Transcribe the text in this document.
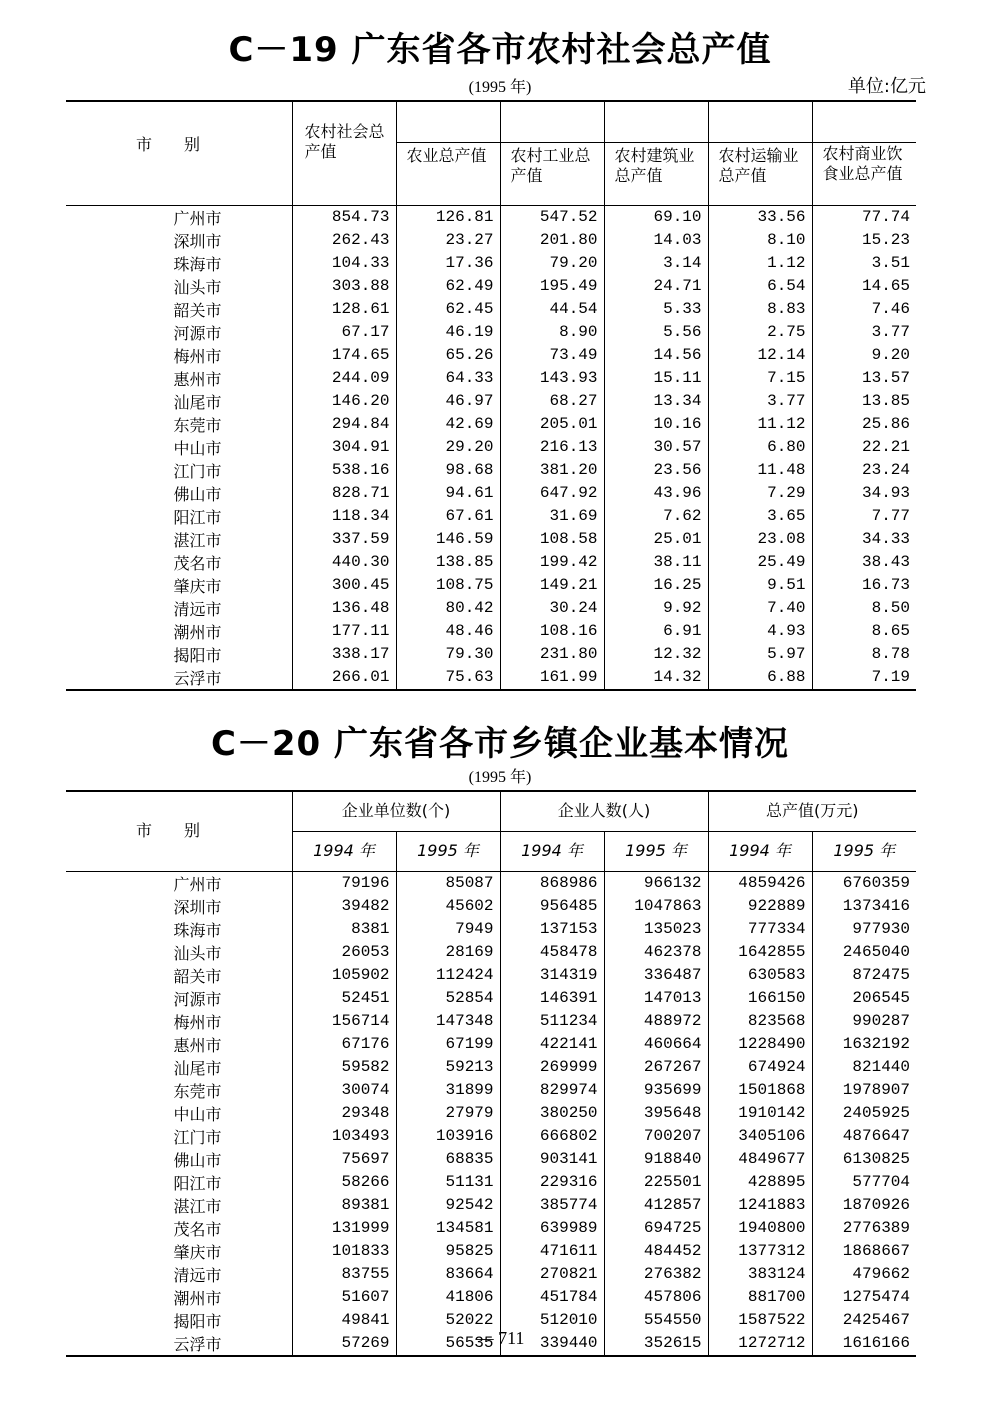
C－19 广东省各市农村社会总产值
(1995 年)	单位:亿元
市　　别	农村社会总产值	农业总产值	农村工业总产值	农村建筑业总产值	农村运输业总产值	农村商业饮食业总产值
广州市	854.73	126.81	547.52	69.10	33.56	77.74
深圳市	262.43	23.27	201.80	14.03	8.10	15.23
珠海市	104.33	17.36	79.20	3.14	1.12	3.51
汕头市	303.88	62.49	195.49	24.71	6.54	14.65
韶关市	128.61	62.45	44.54	5.33	8.83	7.46
河源市	67.17	46.19	8.90	5.56	2.75	3.77
梅州市	174.65	65.26	73.49	14.56	12.14	9.20
惠州市	244.09	64.33	143.93	15.11	7.15	13.57
汕尾市	146.20	46.97	68.27	13.34	3.77	13.85
东莞市	294.84	42.69	205.01	10.16	11.12	25.86
中山市	304.91	29.20	216.13	30.57	6.80	22.21
江门市	538.16	98.68	381.20	23.56	11.48	23.24
佛山市	828.71	94.61	647.92	43.96	7.29	34.93
阳江市	118.34	67.61	31.69	7.62	3.65	7.77
湛江市	337.59	146.59	108.58	25.01	23.08	34.33
茂名市	440.30	138.85	199.42	38.11	25.49	38.43
肇庆市	300.45	108.75	149.21	16.25	9.51	16.73
清远市	136.48	80.42	30.24	9.92	7.40	8.50
潮州市	177.11	48.46	108.16	6.91	4.93	8.65
揭阳市	338.17	79.30	231.80	12.32	5.97	8.78
云浮市	266.01	75.63	161.99	14.32	6.88	7.19
C－20 广东省各市乡镇企业基本情况
(1995 年)
市　　别	企业单位数(个)		企业人数(人)		总产值(万元)	
	1994 年	1995 年	1994 年	1995 年	1994 年	1995 年
广州市	79196	85087	868986	966132	4859426	6760359
深圳市	39482	45602	956485	1047863	922889	1373416
珠海市	8381	7949	137153	135023	777334	977930
汕头市	26053	28169	458478	462378	1642855	2465040
韶关市	105902	112424	314319	336487	630583	872475
河源市	52451	52854	146391	147013	166150	206545
梅州市	156714	147348	511234	488972	823568	990287
惠州市	67176	67199	422141	460664	1228490	1632192
汕尾市	59582	59213	269999	267267	674924	821440
东莞市	30074	31899	829974	935699	1501868	1978907
中山市	29348	27979	380250	395648	1910142	2405925
江门市	103493	103916	666802	700207	3405106	4876647
佛山市	75697	68835	903141	918840	4849677	6130825
阳江市	58266	51131	229316	225501	428895	577704
湛江市	89381	92542	385774	412857	1241883	1870926
茂名市	131999	134581	639989	694725	1940800	2776389
肇庆市	101833	95825	471611	484452	1377312	1868667
清远市	83755	83664	270821	276382	383124	479662
潮州市	51607	41806	451784	457806	881700	1275474
揭阳市	49841	52022	512010	554550	1587522	2425467
云浮市	57269	56535	339440	352615	1272712	1616166
— 711
